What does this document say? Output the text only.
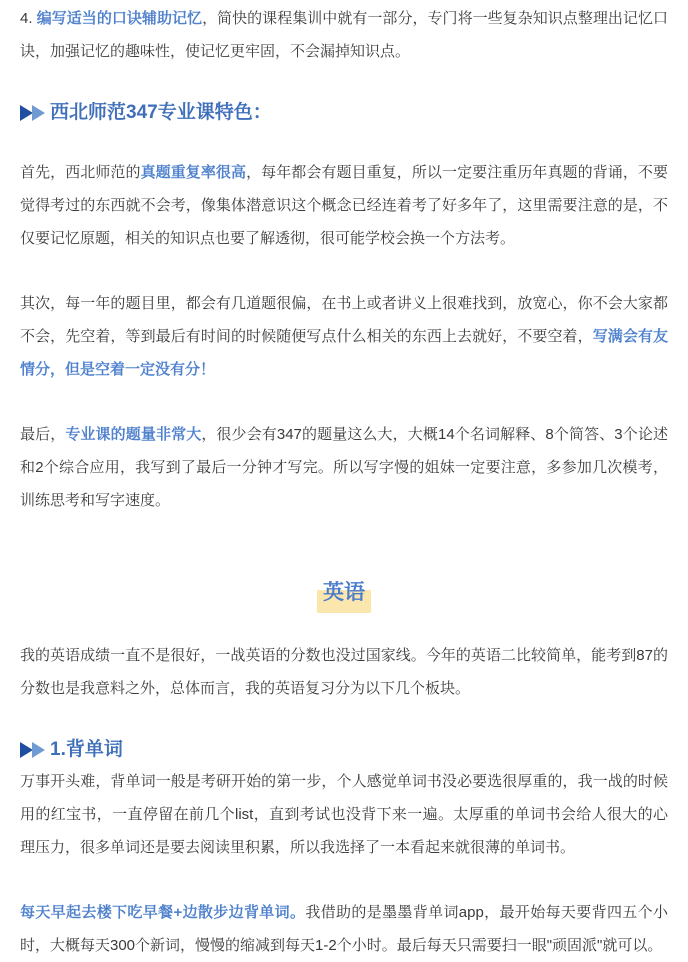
4. 编写适当的口诀辅助记忆，简快的课程集训中就有一部分，专门将一些复杂知识点整理出记忆口诀，加强记忆的趣味性，使记忆更牢固，不会漏掉知识点。

西北师范347专业课特色：

首先，西北师范的真题重复率很高，每年都会有题目重复，所以一定要注重历年真题的背诵，不要觉得考过的东西就不会考，像集体潜意识这个概念已经连着考了好多年了，这里需要注意的是，不仅要记忆原题，相关的知识点也要了解透彻，很可能学校会换一个方法考。

其次，每一年的题目里，都会有几道题很偏，在书上或者讲义上很难找到，放宽心，你不会大家都不会，先空着，等到最后有时间的时候随便写点什么相关的东西上去就好，不要空着，写满会有友情分，但是空着一定没有分！

最后，专业课的题量非常大，很少会有347的题量这么大，大概14个名词解释、8个简答、3个论述和2个综合应用，我写到了最后一分钟才写完。所以写字慢的姐妹一定要注意，多参加几次模考，训练思考和写字速度。

英语

我的英语成绩一直不是很好，一战英语的分数也没过国家线。今年的英语二比较简单，能考到87的分数也是我意料之外，总体而言，我的英语复习分为以下几个板块。

1.背单词

万事开头难，背单词一般是考研开始的第一步，个人感觉单词书没必要选很厚重的，我一战的时候用的红宝书，一直停留在前几个list，直到考试也没背下来一遍。太厚重的单词书会给人很大的心理压力，很多单词还是要去阅读里积累，所以我选择了一本看起来就很薄的单词书。

每天早起去楼下吃早餐+边散步边背单词。我借助的是墨墨背单词app，最开始每天要背四五个小时，大概每天300个新词，慢慢的缩减到每天1-2个小时。最后每天只需要扫一眼"顽固派"就可以。
